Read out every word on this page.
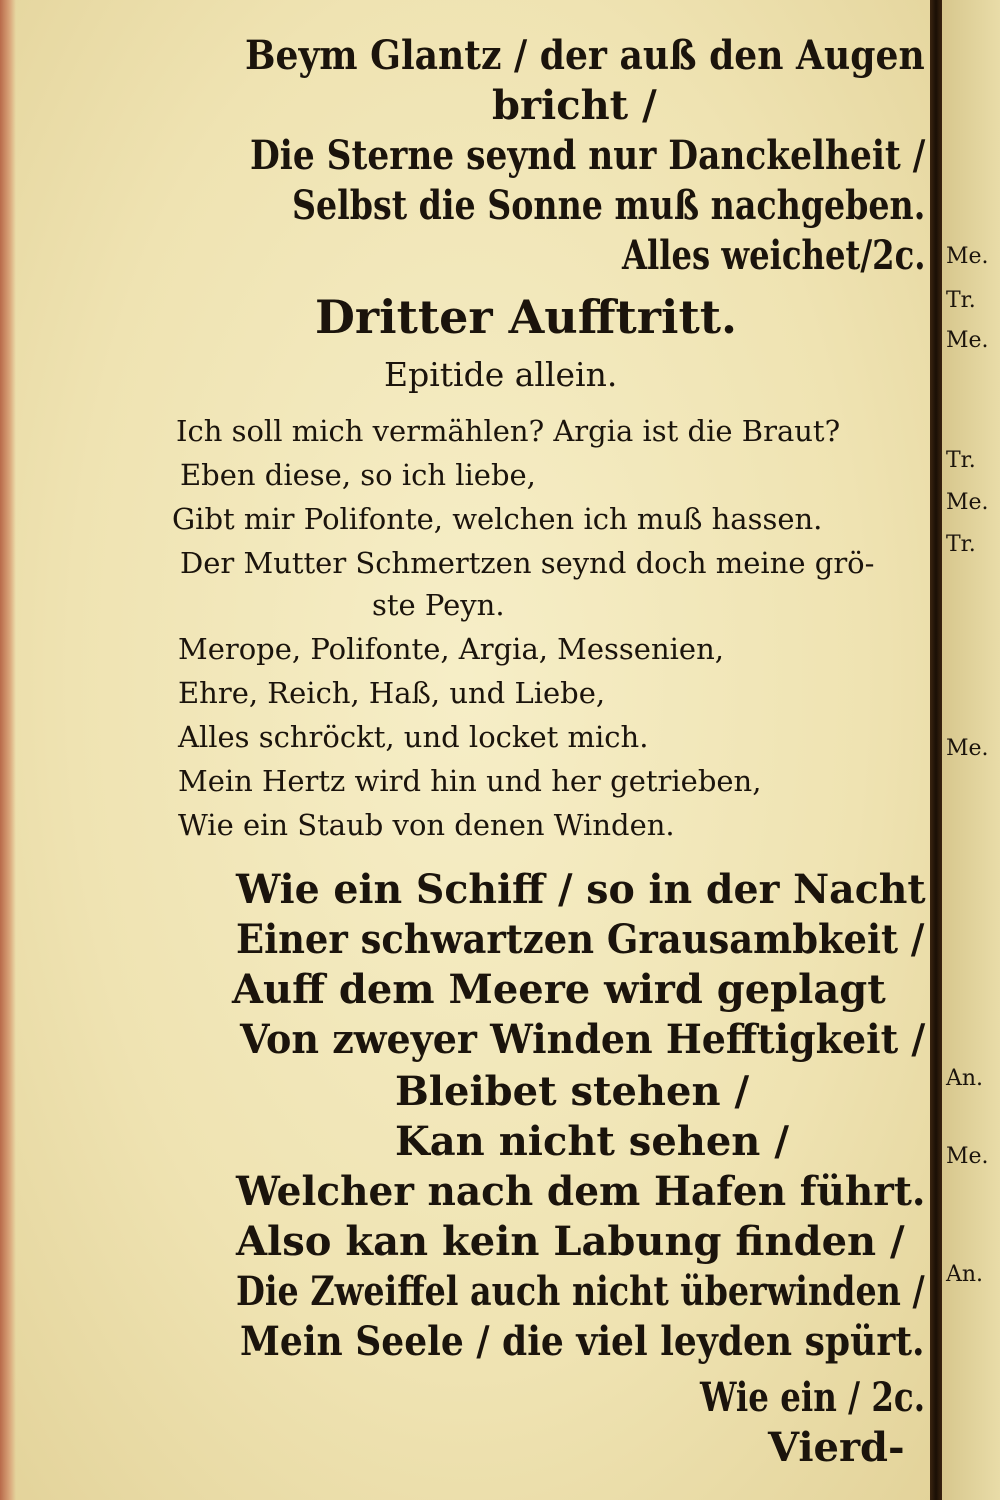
Beym Glantz / der auß den Augen
bricht /
Die Sterne seynd nur Danckelheit /
Selbst die Sonne muß nachgeben.
Alles weichet/2c.
Dritter Aufftritt.
Epitide allein.
Ich soll mich vermählen? Argia ist die Braut?
Eben diese, so ich liebe,
Gibt mir Polifonte, welchen ich muß hassen.
Der Mutter Schmertzen seynd doch meine grö-
ste Peyn.
Merope, Polifonte, Argia, Messenien,
Ehre, Reich, Haß, und Liebe,
Alles schröckt, und locket mich.
Mein Hertz wird hin und her getrieben,
Wie ein Staub von denen Winden.
Wie ein Schiff / so in der Nacht
Einer schwartzen Grausambkeit /
Auff dem Meere wird geplagt
Von zweyer Winden Hefftigkeit /
Bleibet stehen /
Kan nicht sehen /
Welcher nach dem Hafen führt.
Also kan kein Labung finden /
Die Zweiffel auch nicht überwinden /
Mein Seele / die viel leyden spürt.
Wie ein / 2c.
Vierd-
Me.
Tr.
Me.
Tr.
Me.
Tr.
Me.
An.
Me.
An.
